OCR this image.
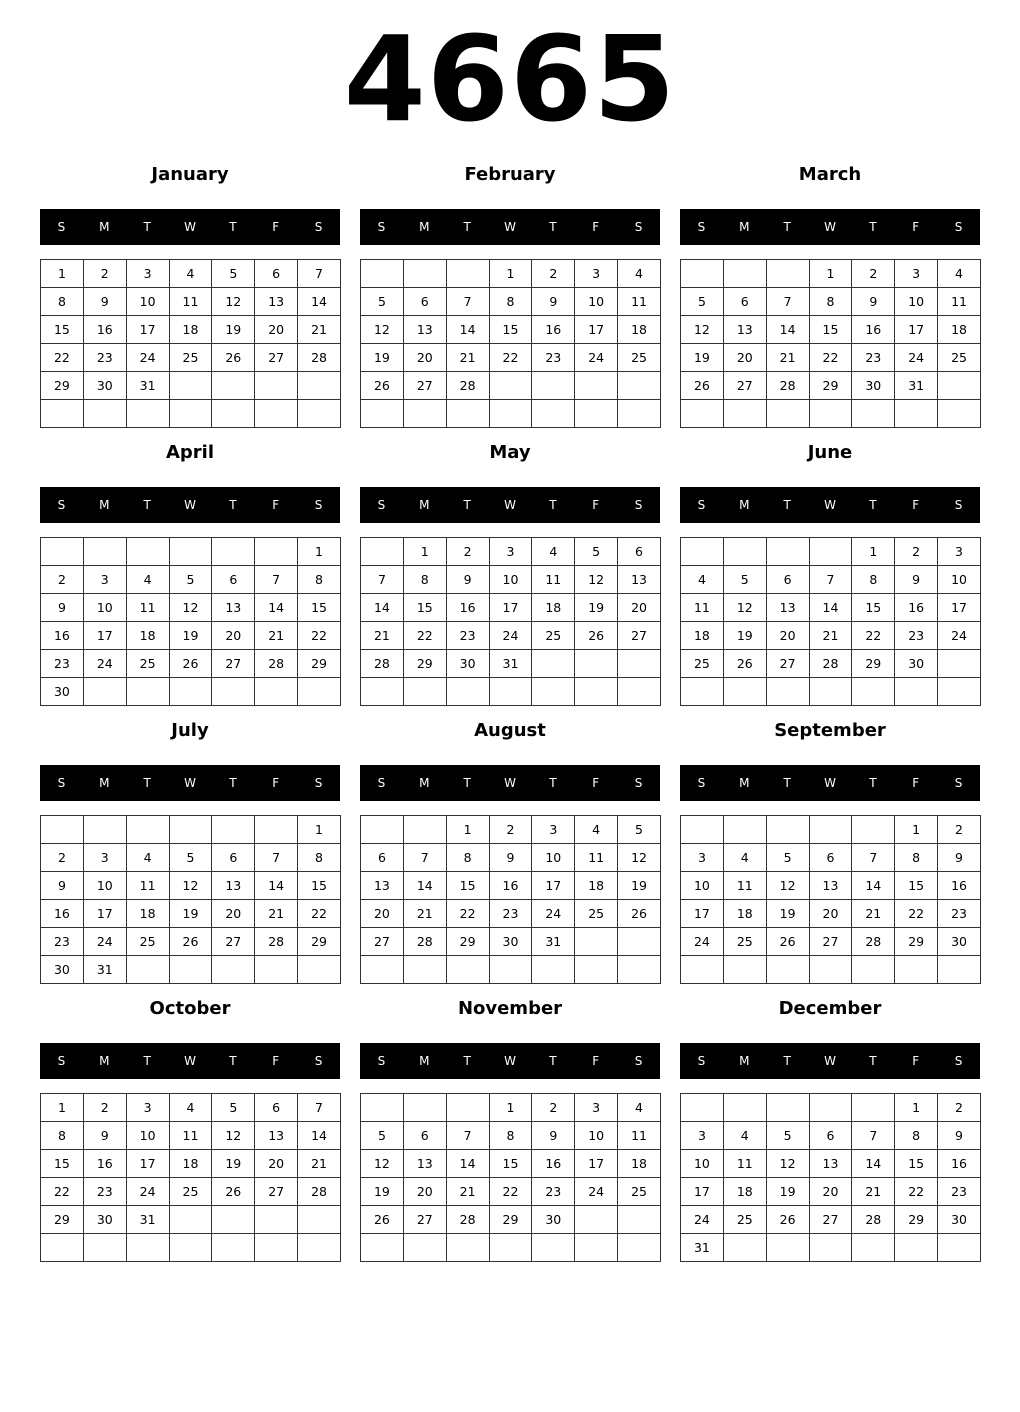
4665
January
S	M	T	W	T	F	S
1	2	3	4	5	6	7
8	9	10	11	12	13	14
15	16	17	18	19	20	21
22	23	24	25	26	27	28
29	30	31				

February
S	M	T	W	T	F	S
			1	2	3	4
5	6	7	8	9	10	11
12	13	14	15	16	17	18
19	20	21	22	23	24	25
26	27	28				

March
S	M	T	W	T	F	S
			1	2	3	4
5	6	7	8	9	10	11
12	13	14	15	16	17	18
19	20	21	22	23	24	25
26	27	28	29	30	31	

April
S	M	T	W	T	F	S
						1
2	3	4	5	6	7	8
9	10	11	12	13	14	15
16	17	18	19	20	21	22
23	24	25	26	27	28	29
30						
May
S	M	T	W	T	F	S
	1	2	3	4	5	6
7	8	9	10	11	12	13
14	15	16	17	18	19	20
21	22	23	24	25	26	27
28	29	30	31			

June
S	M	T	W	T	F	S
				1	2	3
4	5	6	7	8	9	10
11	12	13	14	15	16	17
18	19	20	21	22	23	24
25	26	27	28	29	30	

July
S	M	T	W	T	F	S
						1
2	3	4	5	6	7	8
9	10	11	12	13	14	15
16	17	18	19	20	21	22
23	24	25	26	27	28	29
30	31					
August
S	M	T	W	T	F	S
		1	2	3	4	5
6	7	8	9	10	11	12
13	14	15	16	17	18	19
20	21	22	23	24	25	26
27	28	29	30	31		

September
S	M	T	W	T	F	S
					1	2
3	4	5	6	7	8	9
10	11	12	13	14	15	16
17	18	19	20	21	22	23
24	25	26	27	28	29	30

October
S	M	T	W	T	F	S
1	2	3	4	5	6	7
8	9	10	11	12	13	14
15	16	17	18	19	20	21
22	23	24	25	26	27	28
29	30	31				

November
S	M	T	W	T	F	S
			1	2	3	4
5	6	7	8	9	10	11
12	13	14	15	16	17	18
19	20	21	22	23	24	25
26	27	28	29	30		

December
S	M	T	W	T	F	S
					1	2
3	4	5	6	7	8	9
10	11	12	13	14	15	16
17	18	19	20	21	22	23
24	25	26	27	28	29	30
31						
